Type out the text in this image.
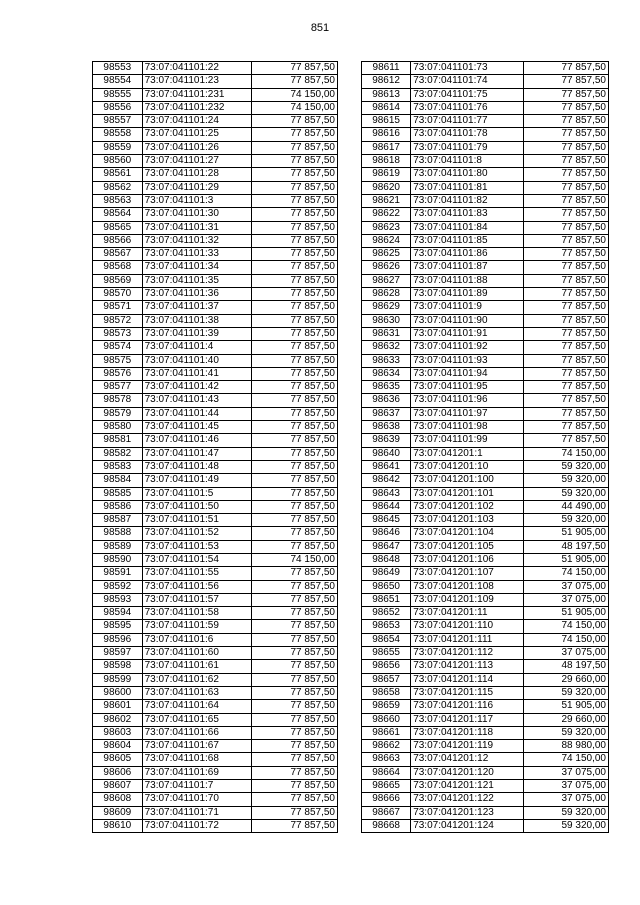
851
98553	73:07:041101:22	77 857,50
98554	73:07:041101:23	77 857,50
98555	73:07:041101:231	74 150,00
98556	73:07:041101:232	74 150,00
98557	73:07:041101:24	77 857,50
98558	73:07:041101:25	77 857,50
98559	73:07:041101:26	77 857,50
98560	73:07:041101:27	77 857,50
98561	73:07:041101:28	77 857,50
98562	73:07:041101:29	77 857,50
98563	73:07:041101:3	77 857,50
98564	73:07:041101:30	77 857,50
98565	73:07:041101:31	77 857,50
98566	73:07:041101:32	77 857,50
98567	73:07:041101:33	77 857,50
98568	73:07:041101:34	77 857,50
98569	73:07:041101:35	77 857,50
98570	73:07:041101:36	77 857,50
98571	73:07:041101:37	77 857,50
98572	73:07:041101:38	77 857,50
98573	73:07:041101:39	77 857,50
98574	73:07:041101:4	77 857,50
98575	73:07:041101:40	77 857,50
98576	73:07:041101:41	77 857,50
98577	73:07:041101:42	77 857,50
98578	73:07:041101:43	77 857,50
98579	73:07:041101:44	77 857,50
98580	73:07:041101:45	77 857,50
98581	73:07:041101:46	77 857,50
98582	73:07:041101:47	77 857,50
98583	73:07:041101:48	77 857,50
98584	73:07:041101:49	77 857,50
98585	73:07:041101:5	77 857,50
98586	73:07:041101:50	77 857,50
98587	73:07:041101:51	77 857,50
98588	73:07:041101:52	77 857,50
98589	73:07:041101:53	77 857,50
98590	73:07:041101:54	74 150,00
98591	73:07:041101:55	77 857,50
98592	73:07:041101:56	77 857,50
98593	73:07:041101:57	77 857,50
98594	73:07:041101:58	77 857,50
98595	73:07:041101:59	77 857,50
98596	73:07:041101:6	77 857,50
98597	73:07:041101:60	77 857,50
98598	73:07:041101:61	77 857,50
98599	73:07:041101:62	77 857,50
98600	73:07:041101:63	77 857,50
98601	73:07:041101:64	77 857,50
98602	73:07:041101:65	77 857,50
98603	73:07:041101:66	77 857,50
98604	73:07:041101:67	77 857,50
98605	73:07:041101:68	77 857,50
98606	73:07:041101:69	77 857,50
98607	73:07:041101:7	77 857,50
98608	73:07:041101:70	77 857,50
98609	73:07:041101:71	77 857,50
98610	73:07:041101:72	77 857,50
98611	73:07:041101:73	77 857,50
98612	73:07:041101:74	77 857,50
98613	73:07:041101:75	77 857,50
98614	73:07:041101:76	77 857,50
98615	73:07:041101:77	77 857,50
98616	73:07:041101:78	77 857,50
98617	73:07:041101:79	77 857,50
98618	73:07:041101:8	77 857,50
98619	73:07:041101:80	77 857,50
98620	73:07:041101:81	77 857,50
98621	73:07:041101:82	77 857,50
98622	73:07:041101:83	77 857,50
98623	73:07:041101:84	77 857,50
98624	73:07:041101:85	77 857,50
98625	73:07:041101:86	77 857,50
98626	73:07:041101:87	77 857,50
98627	73:07:041101:88	77 857,50
98628	73:07:041101:89	77 857,50
98629	73:07:041101:9	77 857,50
98630	73:07:041101:90	77 857,50
98631	73:07:041101:91	77 857,50
98632	73:07:041101:92	77 857,50
98633	73:07:041101:93	77 857,50
98634	73:07:041101:94	77 857,50
98635	73:07:041101:95	77 857,50
98636	73:07:041101:96	77 857,50
98637	73:07:041101:97	77 857,50
98638	73:07:041101:98	77 857,50
98639	73:07:041101:99	77 857,50
98640	73:07:041201:1	74 150,00
98641	73:07:041201:10	59 320,00
98642	73:07:041201:100	59 320,00
98643	73:07:041201:101	59 320,00
98644	73:07:041201:102	44 490,00
98645	73:07:041201:103	59 320,00
98646	73:07:041201:104	51 905,00
98647	73:07:041201:105	48 197,50
98648	73:07:041201:106	51 905,00
98649	73:07:041201:107	74 150,00
98650	73:07:041201:108	37 075,00
98651	73:07:041201:109	37 075,00
98652	73:07:041201:11	51 905,00
98653	73:07:041201:110	74 150,00
98654	73:07:041201:111	74 150,00
98655	73:07:041201:112	37 075,00
98656	73:07:041201:113	48 197,50
98657	73:07:041201:114	29 660,00
98658	73:07:041201:115	59 320,00
98659	73:07:041201:116	51 905,00
98660	73:07:041201:117	29 660,00
98661	73:07:041201:118	59 320,00
98662	73:07:041201:119	88 980,00
98663	73:07:041201:12	74 150,00
98664	73:07:041201:120	37 075,00
98665	73:07:041201:121	37 075,00
98666	73:07:041201:122	37 075,00
98667	73:07:041201:123	59 320,00
98668	73:07:041201:124	59 320,00
